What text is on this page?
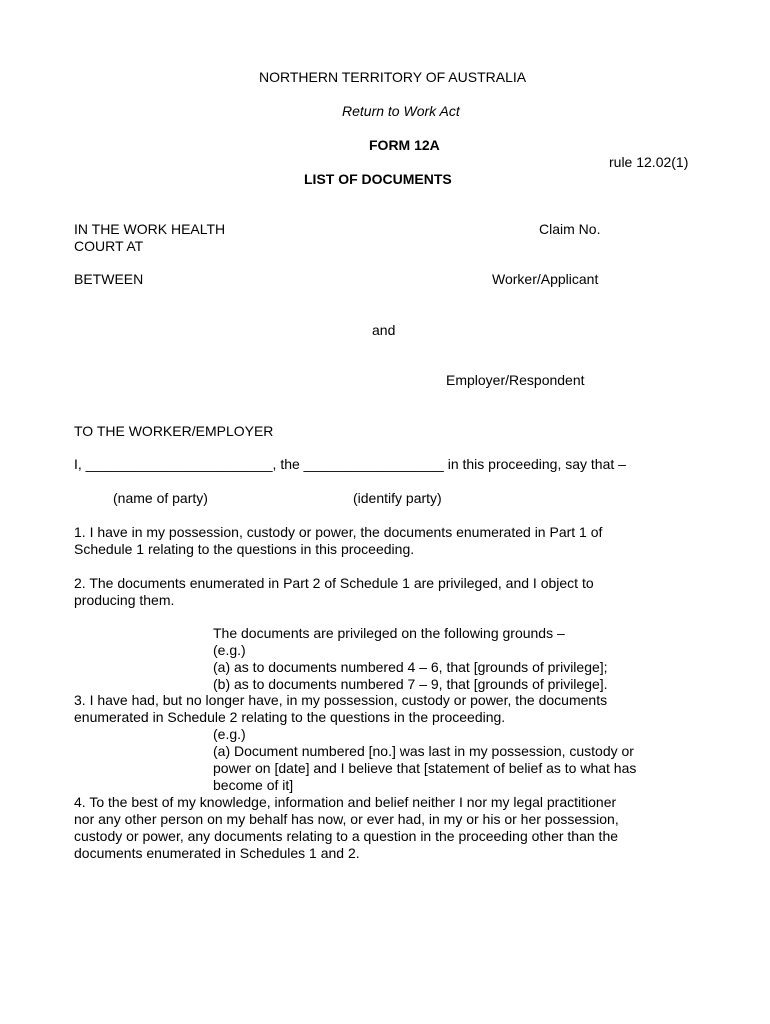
NORTHERN TERRITORY OF AUSTRALIA
Return to Work Act
FORM 12A
rule 12.02(1)
LIST OF DOCUMENTS
IN THE WORK HEALTH
COURT AT
Claim No.
BETWEEN	Worker/Applicant
and
Employer/Respondent
TO THE WORKER/EMPLOYER
I, ________________________, the __________________ in this proceeding, say that –
(name of party)	(identify party)
1. I have in my possession, custody or power, the documents enumerated in Part 1 of
Schedule 1 relating to the questions in this proceeding.
2. The documents enumerated in Part 2 of Schedule 1 are privileged, and I object to
producing them.
The documents are privileged on the following grounds –
(e.g.)
(a) as to documents numbered 4 – 6, that [grounds of privilege];
(b) as to documents numbered 7 – 9, that [grounds of privilege].
3. I have had, but no longer have, in my possession, custody or power, the documents
enumerated in Schedule 2 relating to the questions in the proceeding.
(e.g.)
(a) Document numbered [no.] was last in my possession, custody or
power on [date] and I believe that [statement of belief as to what has
become of it]
4. To the best of my knowledge, information and belief neither I nor my legal practitioner
nor any other person on my behalf has now, or ever had, in my or his or her possession,
custody or power, any documents relating to a question in the proceeding other than the
documents enumerated in Schedules 1 and 2.
